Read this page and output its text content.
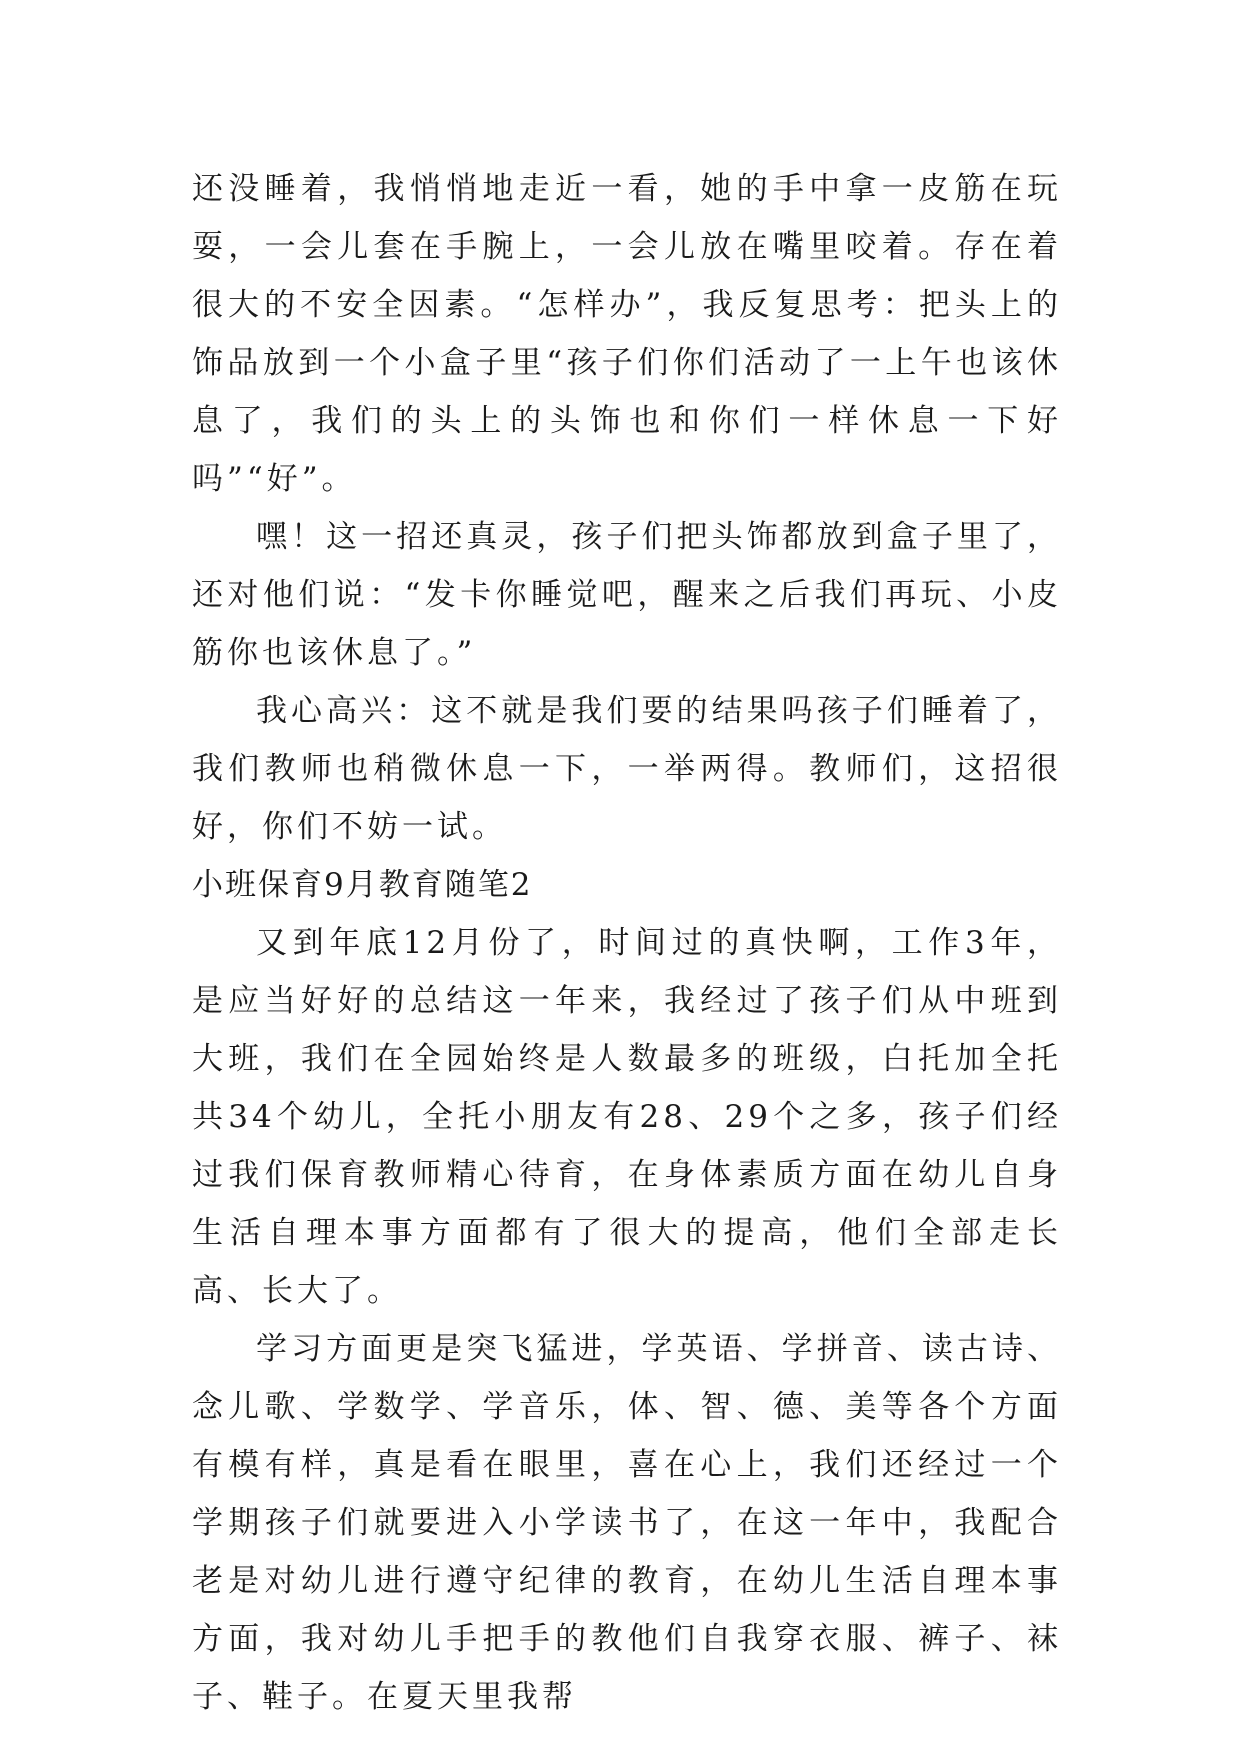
还没睡着，我悄悄地走近一看，她的手中拿一皮筋在玩耍，一会儿套在手腕上，一会儿放在嘴里咬着。存在着很大的不安全因素。“怎样办”，我反复思考：把头上的饰品放到一个小盒子里“孩子们你们活动了一上午也该休息了，我们的头上的头饰也和你们一样休息一下好吗”“好”。

嘿！这一招还真灵，孩子们把头饰都放到盒子里了，还对他们说：“发卡你睡觉吧，醒来之后我们再玩、小皮筋你也该休息了。”

我心高兴：这不就是我们要的结果吗孩子们睡着了，我们教师也稍微休息一下，一举两得。教师们，这招很好，你们不妨一试。

小班保育9月教育随笔2

又到年底12月份了，时间过的真快啊，工作3年，是应当好好的总结这一年来，我经过了孩子们从中班到大班，我们在全园始终是人数最多的班级，白托加全托共34个幼儿，全托小朋友有28、29个之多，孩子们经过我们保育教师精心待育，在身体素质方面在幼儿自身生活自理本事方面都有了很大的提高，他们全部走长高、长大了。

学习方面更是突飞猛进，学英语、学拼音、读古诗、念儿歌、学数学、学音乐，体、智、德、美等各个方面有模有样，真是看在眼里，喜在心上，我们还经过一个学期孩子们就要进入小学读书了，在这一年中，我配合老是对幼儿进行遵守纪律的教育，在幼儿生活自理本事方面，我对幼儿手把手的教他们自我穿衣服、裤子、袜子、鞋子。在夏天里我帮
